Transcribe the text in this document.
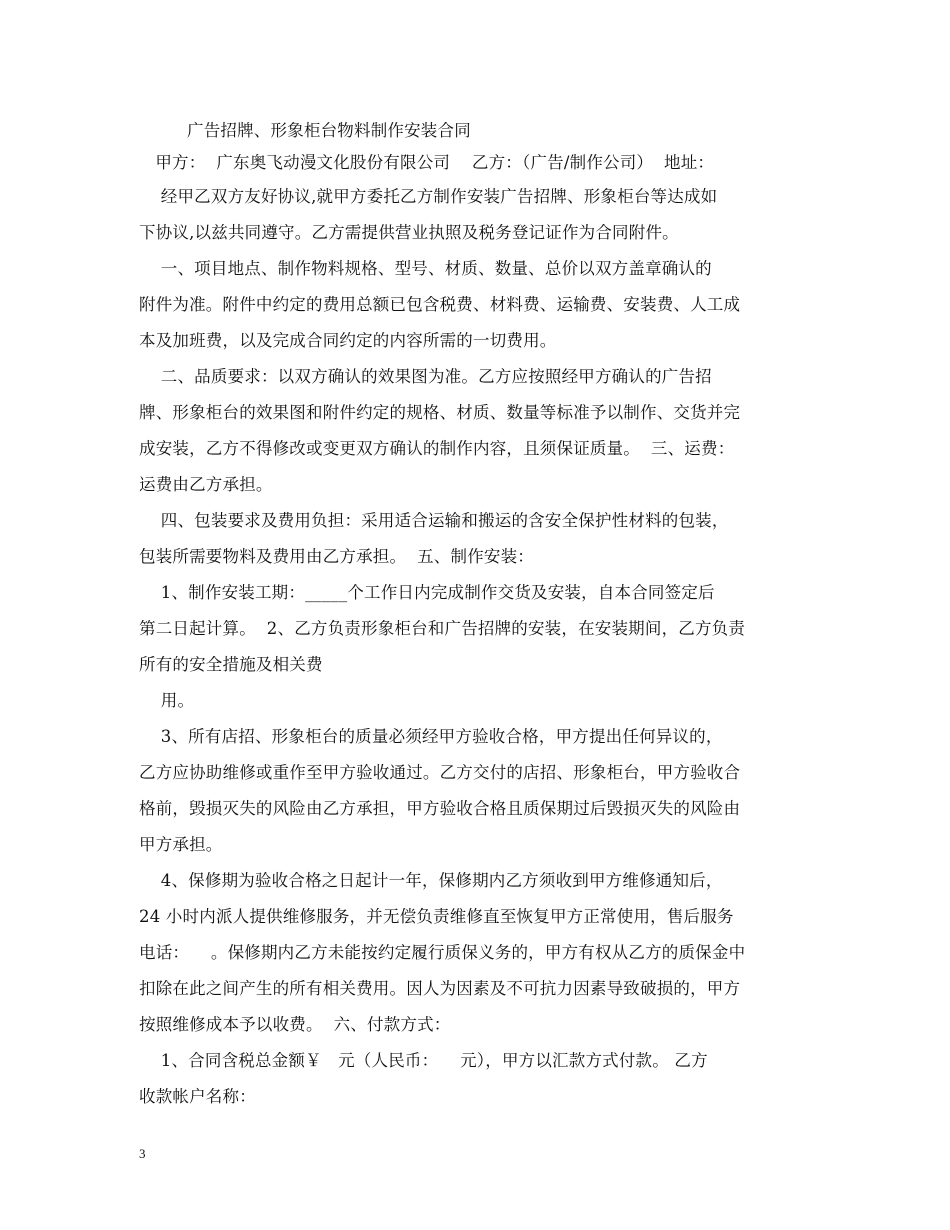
广告招牌、形象柜台物料制作安装合同
甲方：  广东奥飞动漫文化股份有限公司    乙方：（广告/制作公司）  地址：
经甲乙双方友好协议,就甲方委托乙方制作安装广告招牌、形象柜台等达成如
下协议,以兹共同遵守。乙方需提供营业执照及税务登记证作为合同附件。
一、项目地点、制作物料规格、型号、材质、数量、总价以双方盖章确认的
附件为准。附件中约定的费用总额已包含税费、材料费、运输费、安装费、人工成
本及加班费，以及完成合同约定的内容所需的一切费用。
二、品质要求：以双方确认的效果图为准。乙方应按照经甲方确认的广告招
牌、形象柜台的效果图和附件约定的规格、材质、数量等标准予以制作、交货并完
成安装，乙方不得修改或变更双方确认的制作内容，且须保证质量。  三、运费：
运费由乙方承担。
四、包装要求及费用负担：采用适合运输和搬运的含安全保护性材料的包装，
包装所需要物料及费用由乙方承担。  五、制作安装：
1、制作安装工期：_____个工作日内完成制作交货及安装，自本合同签定后
第二日起计算。  2、乙方负责形象柜台和广告招牌的安装，在安装期间，乙方负责
所有的安全措施及相关费
用。
3、所有店招、形象柜台的质量必须经甲方验收合格，甲方提出任何异议的，
乙方应协助维修或重作至甲方验收通过。乙方交付的店招、形象柜台，甲方验收合
格前，毁损灭失的风险由乙方承担，甲方验收合格且质保期过后毁损灭失的风险由
甲方承担。
4、保修期为验收合格之日起计一年，保修期内乙方须收到甲方维修通知后，
24 小时内派人提供维修服务，并无偿负责维修直至恢复甲方正常使用，售后服务
电话：    。保修期内乙方未能按约定履行质保义务的，甲方有权从乙方的质保金中
扣除在此之间产生的所有相关费用。因人为因素及不可抗力因素导致破损的，甲方
按照维修成本予以收费。  六、付款方式：
1、合同含税总金额￥   元（人民币：    元），甲方以汇款方式付款。 乙方
收款帐户名称：
3
